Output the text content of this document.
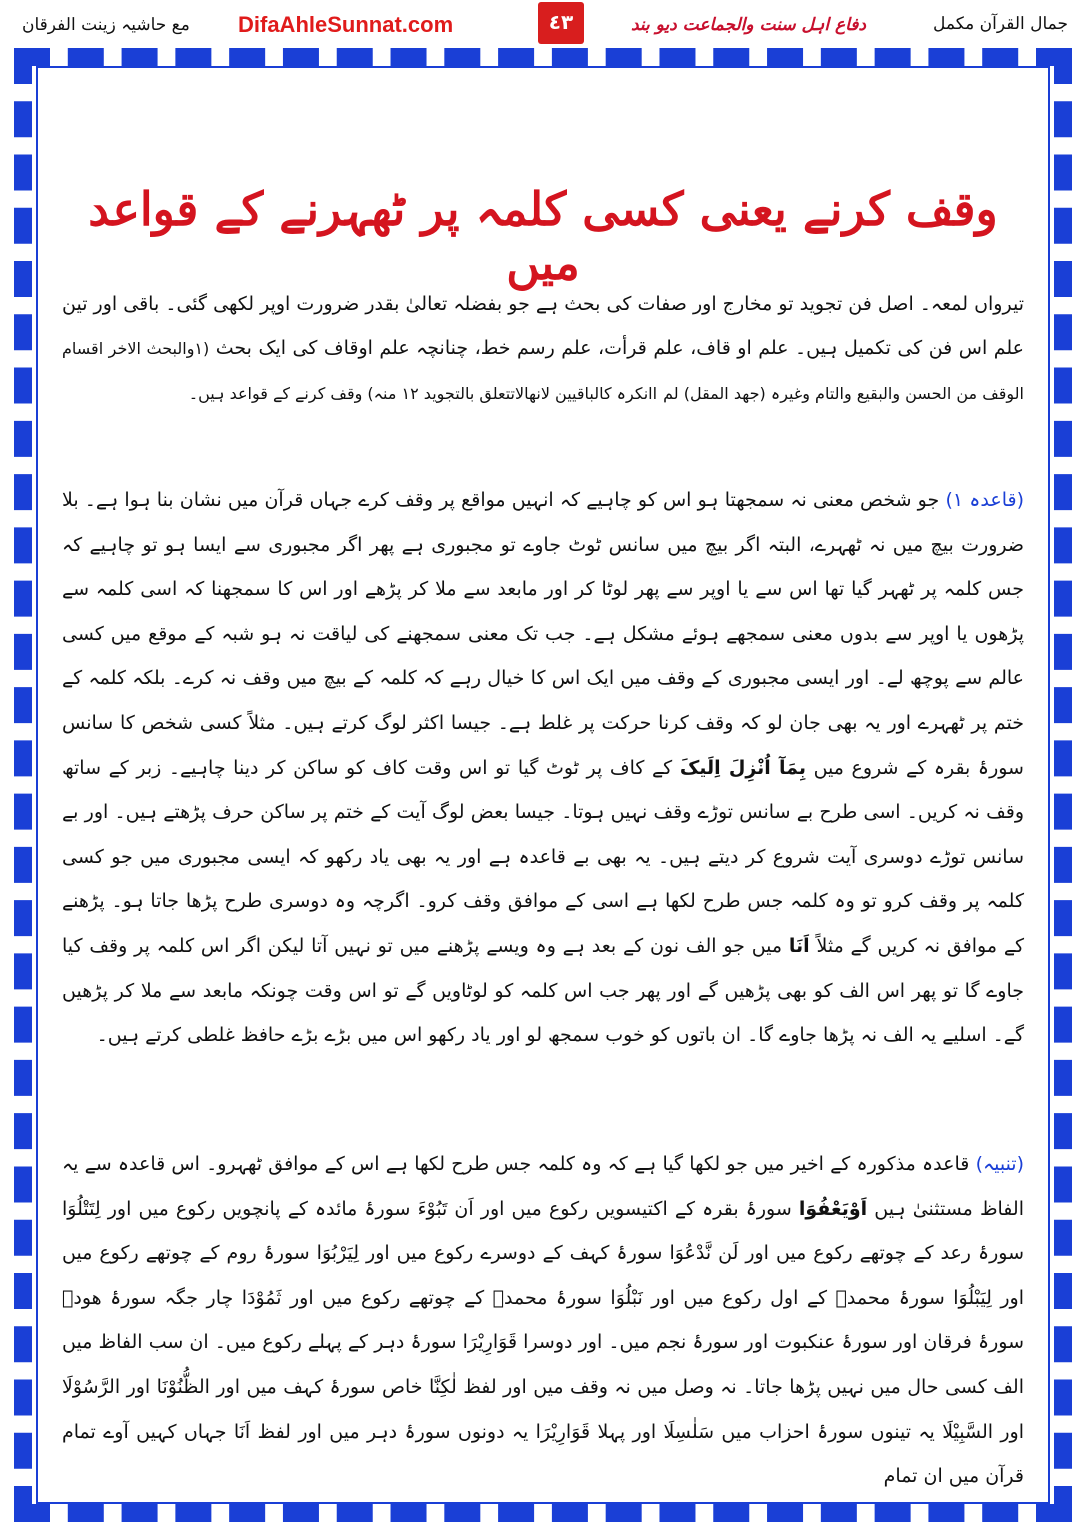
جمال القرآن مکمل
دفاع اہل سنت والجماعت دیو بند
٤٣
DifaAhleSunnat.com
مع حاشیہ زینت الفرقان
وقف کرنے یعنی کسی کلمہ پر ٹھہرنے کے قواعد میں
تیرواں لمعہ۔ اصل فن تجوید تو مخارج اور صفات کی بحث ہے جو بفضلہ تعالیٰ بقدر ضرورت اوپر لکھی گئی۔ باقی اور تین علم اس فن کی تکمیل ہیں۔ علم او قاف، علم قرأت، علم رسم خط، چنانچہ علم اوقاف کی ایک بحث (١والبحث الاخر اقسام الوقف من الحسن والبقیع والتام وغیرہ (جھد المقل) لم اانکرہ کالباقیین لانھالاتتعلق بالتجوید ١٢ منہ) وقف کرنے کے قواعد ہیں۔
(قاعدہ ١) جو شخص معنی نہ سمجھتا ہو اس کو چاہیے کہ انہیں مواقع پر وقف کرے جہاں قرآن میں نشان بنا ہوا ہے۔ بلا ضرورت بیچ میں نہ ٹھہرے، البتہ اگر بیچ میں سانس ٹوٹ جاوے تو مجبوری ہے پھر اگر مجبوری سے ایسا ہو تو چاہیے کہ جس کلمہ پر ٹھہر گیا تھا اس سے یا اوپر سے پھر لوٹا کر اور مابعد سے ملا کر پڑھے اور اس کا سمجھنا کہ اسی کلمہ سے پڑھوں یا اوپر سے بدوں معنی سمجھے ہوئے مشکل ہے۔ جب تک معنی سمجھنے کی لیاقت نہ ہو شبہ کے موقع میں کسی عالم سے پوچھ لے۔ اور ایسی مجبوری کے وقف میں ایک اس کا خیال رہے کہ کلمہ کے بیچ میں وقف نہ کرے۔ بلکہ کلمہ کے ختم پر ٹھہرے اور یہ بھی جان لو کہ وقف کرنا حرکت پر غلط ہے۔ جیسا اکثر لوگ کرتے ہیں۔ مثلاً کسی شخص کا سانس سورۂ بقرہ کے شروع میں بِمَآ اُنْزِلَ اِلَیکَ کے کاف پر ٹوٹ گیا تو اس وقت کاف کو ساکن کر دینا چاہیے۔ زبر کے ساتھ وقف نہ کریں۔ اسی طرح بے سانس توڑے وقف نہیں ہوتا۔ جیسا بعض لوگ آیت کے ختم پر ساکن حرف پڑھتے ہیں۔ اور بے سانس توڑے دوسری آیت شروع کر دیتے ہیں۔ یہ بھی بے قاعدہ ہے اور یہ بھی یاد رکھو کہ ایسی مجبوری میں جو کسی کلمہ پر وقف کرو تو وہ کلمہ جس طرح لکھا ہے اسی کے موافق وقف کرو۔ اگرچہ وہ دوسری طرح پڑھا جاتا ہو۔ پڑھنے کے موافق نہ کریں گے مثلاً اَنَا میں جو الف نون کے بعد ہے وہ ویسے پڑھنے میں تو نہیں آتا لیکن اگر اس کلمہ پر وقف کیا جاوے گا تو پھر اس الف کو بھی پڑھیں گے اور پھر جب اس کلمہ کو لوٹاویں گے تو اس وقت چونکہ مابعد سے ملا کر پڑھیں گے۔ اسلیے یہ الف نہ پڑھا جاوے گا۔ ان باتوں کو خوب سمجھ لو اور یاد رکھو اس میں بڑے بڑے حافظ غلطی کرتے ہیں۔
(تنبیہ) قاعدہ مذکورہ کے اخیر میں جو لکھا گیا ہے کہ وہ کلمہ جس طرح لکھا ہے اس کے موافق ٹھہرو۔ اس قاعدہ سے یہ الفاظ مستثنیٰ ہیں اَوْیَعْفُوَا سورۂ بقرہ کے اکتیسویں رکوع میں اور اَن تَبُوْءَ سورۂ مائدہ کے پانچویں رکوع میں اور لِتَتْلُوَا سورۂ رعد کے چوتھے رکوع میں اور لَن نَّدْعُوَا سورۂ کہف کے دوسرے رکوع میں اور لِیَرْبُوَا سورۂ روم کے چوتھے رکوع میں اور لِیَبْلُوَا سورۂ محمدؐ کے اول رکوع میں اور نَبْلُوَا سورۂ محمدؐ کے چوتھے رکوع میں اور ثَمُوْدَا چار جگہ سورۂ ھودؑ سورۂ فرقان اور سورۂ عنکبوت اور سورۂ نجم میں۔ اور دوسرا قَوَارِیْرَا سورۂ دہر کے پہلے رکوع میں۔ ان سب الفاظ میں الف کسی حال میں نہیں پڑھا جاتا۔ نہ وصل میں نہ وقف میں اور لفظ لٰکِنَّا خاص سورۂ کہف میں اور الظُّنُوْنَا اور الرَّسُوْلَا اور السَّبِیْلَا یہ تینوں سورۂ احزاب میں سَلٰسِلَا اور پہلا قَوَارِیْرَا یہ دونوں سورۂ دہر میں اور لفظ اَنَا جہاں کہیں آوے تمام قرآن میں ان تمام
